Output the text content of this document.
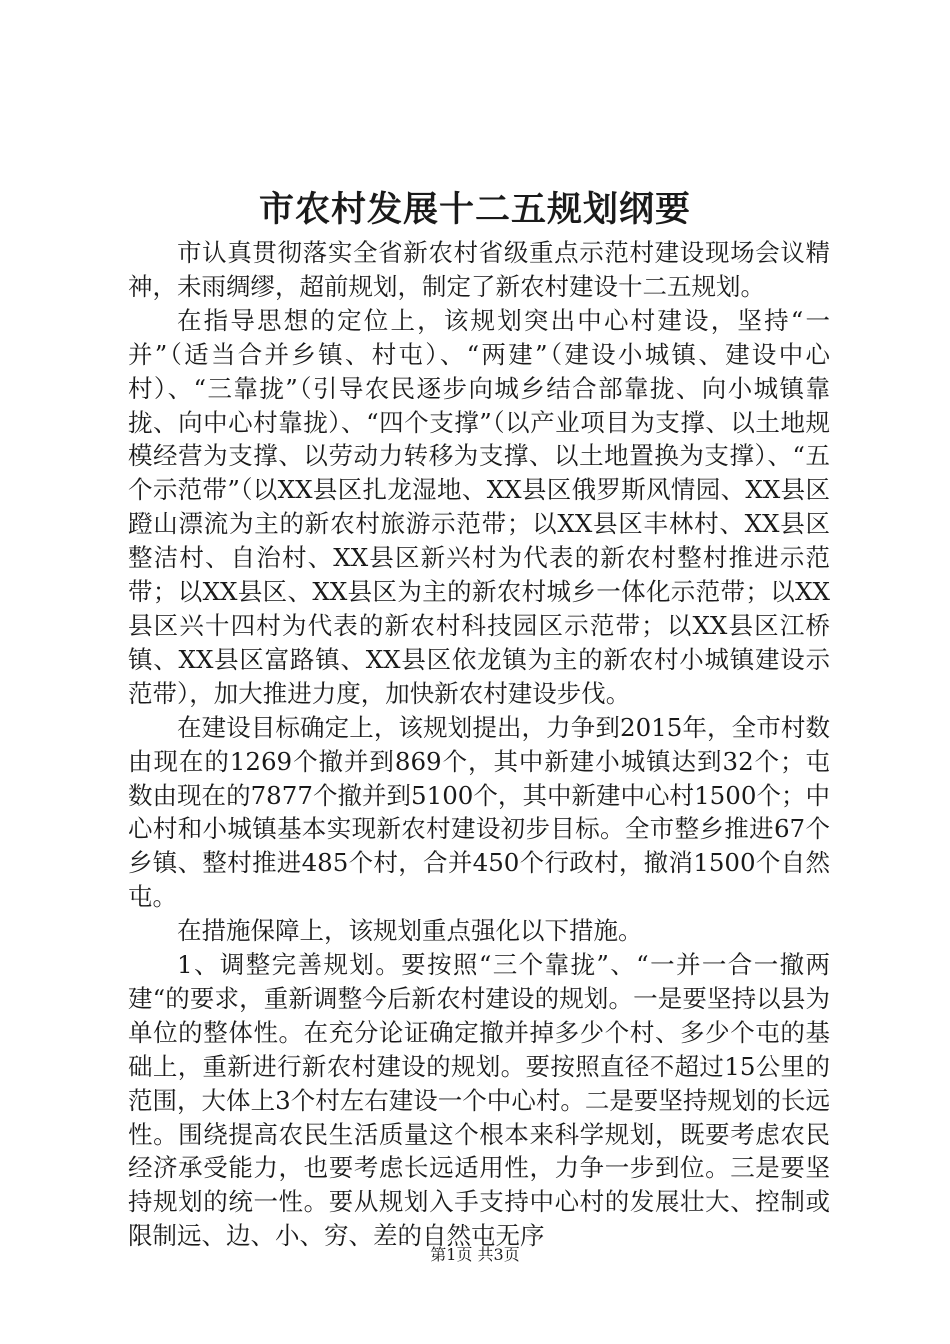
市农村发展十二五规划纲要

市认真贯彻落实全省新农村省级重点示范村建设现场会议精神，未雨绸缪，超前规划，制定了新农村建设十二五规划。

在指导思想的定位上，该规划突出中心村建设，坚持“一并”（适当合并乡镇、村屯）、“两建”（建设小城镇、建设中心村）、“三靠拢”（引导农民逐步向城乡结合部靠拢、向小城镇靠拢、向中心村靠拢）、“四个支撑”（以产业项目为支撑、以土地规模经营为支撑、以劳动力转移为支撑、以土地置换为支撑）、“五个示范带”（以XX县区扎龙湿地、XX县区俄罗斯风情园、XX县区蹬山漂流为主的新农村旅游示范带；以XX县区丰林村、XX县区整洁村、自治村、XX县区新兴村为代表的新农村整村推进示范带；以XX县区、XX县区为主的新农村城乡一体化示范带；以XX县区兴十四村为代表的新农村科技园区示范带；以XX县区江桥镇、XX县区富路镇、XX县区依龙镇为主的新农村小城镇建设示范带），加大推进力度，加快新农村建设步伐。

在建设目标确定上，该规划提出，力争到2015年，全市村数由现在的1269个撤并到869个，其中新建小城镇达到32个；屯数由现在的7877个撤并到5100个，其中新建中心村1500个；中心村和小城镇基本实现新农村建设初步目标。全市整乡推进67个乡镇、整村推进485个村，合并450个行政村，撤消1500个自然屯。

在措施保障上，该规划重点强化以下措施。

1、调整完善规划。要按照“三个靠拢”、“一并一合一撤两建“的要求，重新调整今后新农村建设的规划。一是要坚持以县为单位的整体性。在充分论证确定撤并掉多少个村、多少个屯的基础上，重新进行新农村建设的规划。要按照直径不超过15公里的范围，大体上3个村左右建设一个中心村。二是要坚持规划的长远性。围绕提高农民生活质量这个根本来科学规划，既要考虑农民经济承受能力，也要考虑长远适用性，力争一步到位。三是要坚持规划的统一性。要从规划入手支持中心村的发展壮大、控制或限制远、边、小、穷、差的自然屯无序

第1页 共3页
